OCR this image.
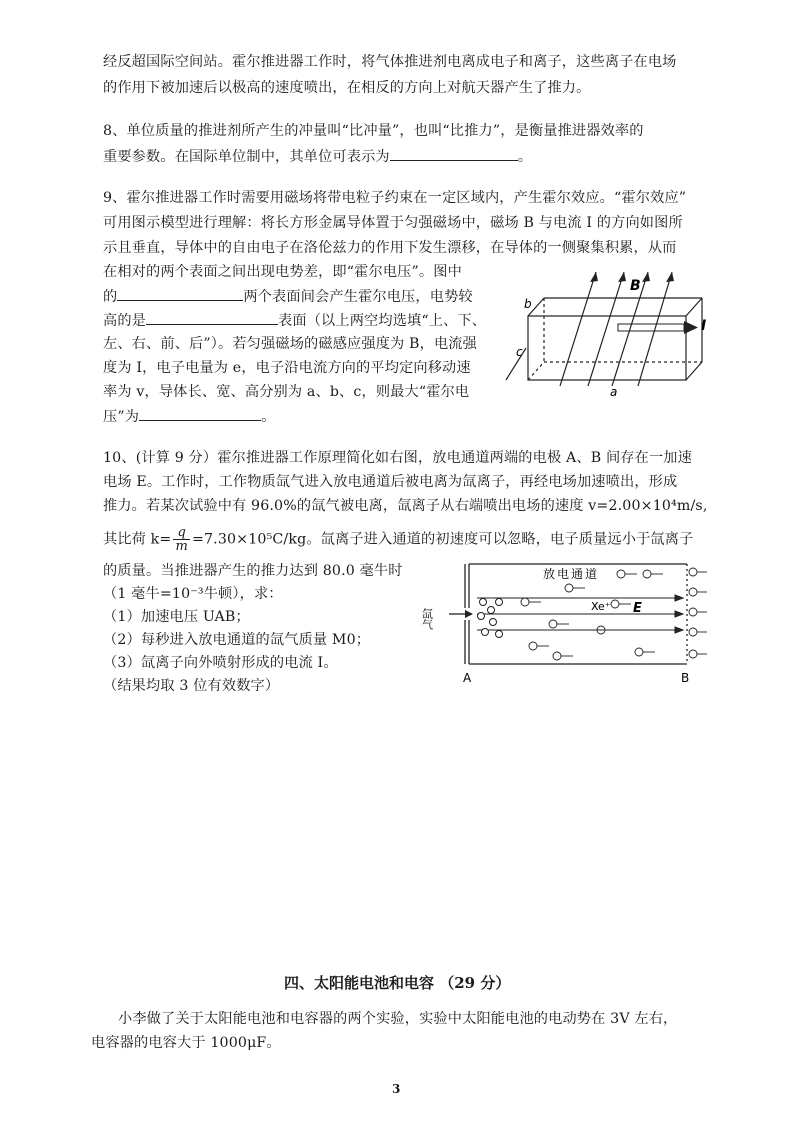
经反超国际空间站。霍尔推进器工作时，将气体推进剂电离成电子和离子，这些离子在电场
的作用下被加速后以极高的速度喷出，在相反的方向上对航天器产生了推力。
8、单位质量的推进剂所产生的冲量叫“比冲量”，也叫“比推力”，是衡量推进器效率的
重要参数。在国际单位制中，其单位可表示为	。
9、霍尔推进器工作时需要用磁场将带电粒子约束在一定区域内，产生霍尔效应。“霍尔效应”
可用图示模型进行理解：将长方形金属导体置于匀强磁场中，磁场 B 与电流 I 的方向如图所
示且垂直，导体中的自由电子在洛伦兹力的作用下发生漂移，在导体的一侧聚集积累，从而
在相对的两个表面之间出现电势差，即“霍尔电压”。图中
的	两个表面间会产生霍尔电压，电势较
高的是	表面（以上两空均选填“上、下、
左、右、前、后”）。若匀强磁场的磁感应强度为 B，电流强
度为 I，电子电量为 e，电子沿电流方向的平均定向移动速
率为 v，导体长、宽、高分别为 a、b、c，则最大“霍尔电
压”为	。
B
I
b
c
a
10、(计算 9 分）霍尔推进器工作原理简化如右图，放电通道两端的电极 A、B 间存在一加速
电场 E。工作时，工作物质氙气进入放电通道后被电离为氙离子，再经电场加速喷出，形成
推力。若某次试验中有 96.0%的氙气被电离，氙离子从右端喷出电场的速度 v=2.00×10⁴m/s,
其比荷 $k= \frac{q}{m} =7.30\times 10^5C/kg$。氙离子进入通道的初速度可以忽略，电子质量远小于氙离子
的质量。当推进器产生的推力达到 80.0 毫牛时
（1 毫牛=10⁻³牛顿），求：
（1）加速电压 UAB；
（2）每秒进入放电通道的氙气质量 M0；
（3）氙离子向外喷射形成的电流 I。
（结果均取 3 位有效数字）
放电通道
氙气
Xe⁺ E
A	B
四、太阳能电池和电容 （29 分）
小李做了关于太阳能电池和电容器的两个实验，实验中太阳能电池的电动势在 3V 左右，
电容器的电容大于 1000μF。
3
